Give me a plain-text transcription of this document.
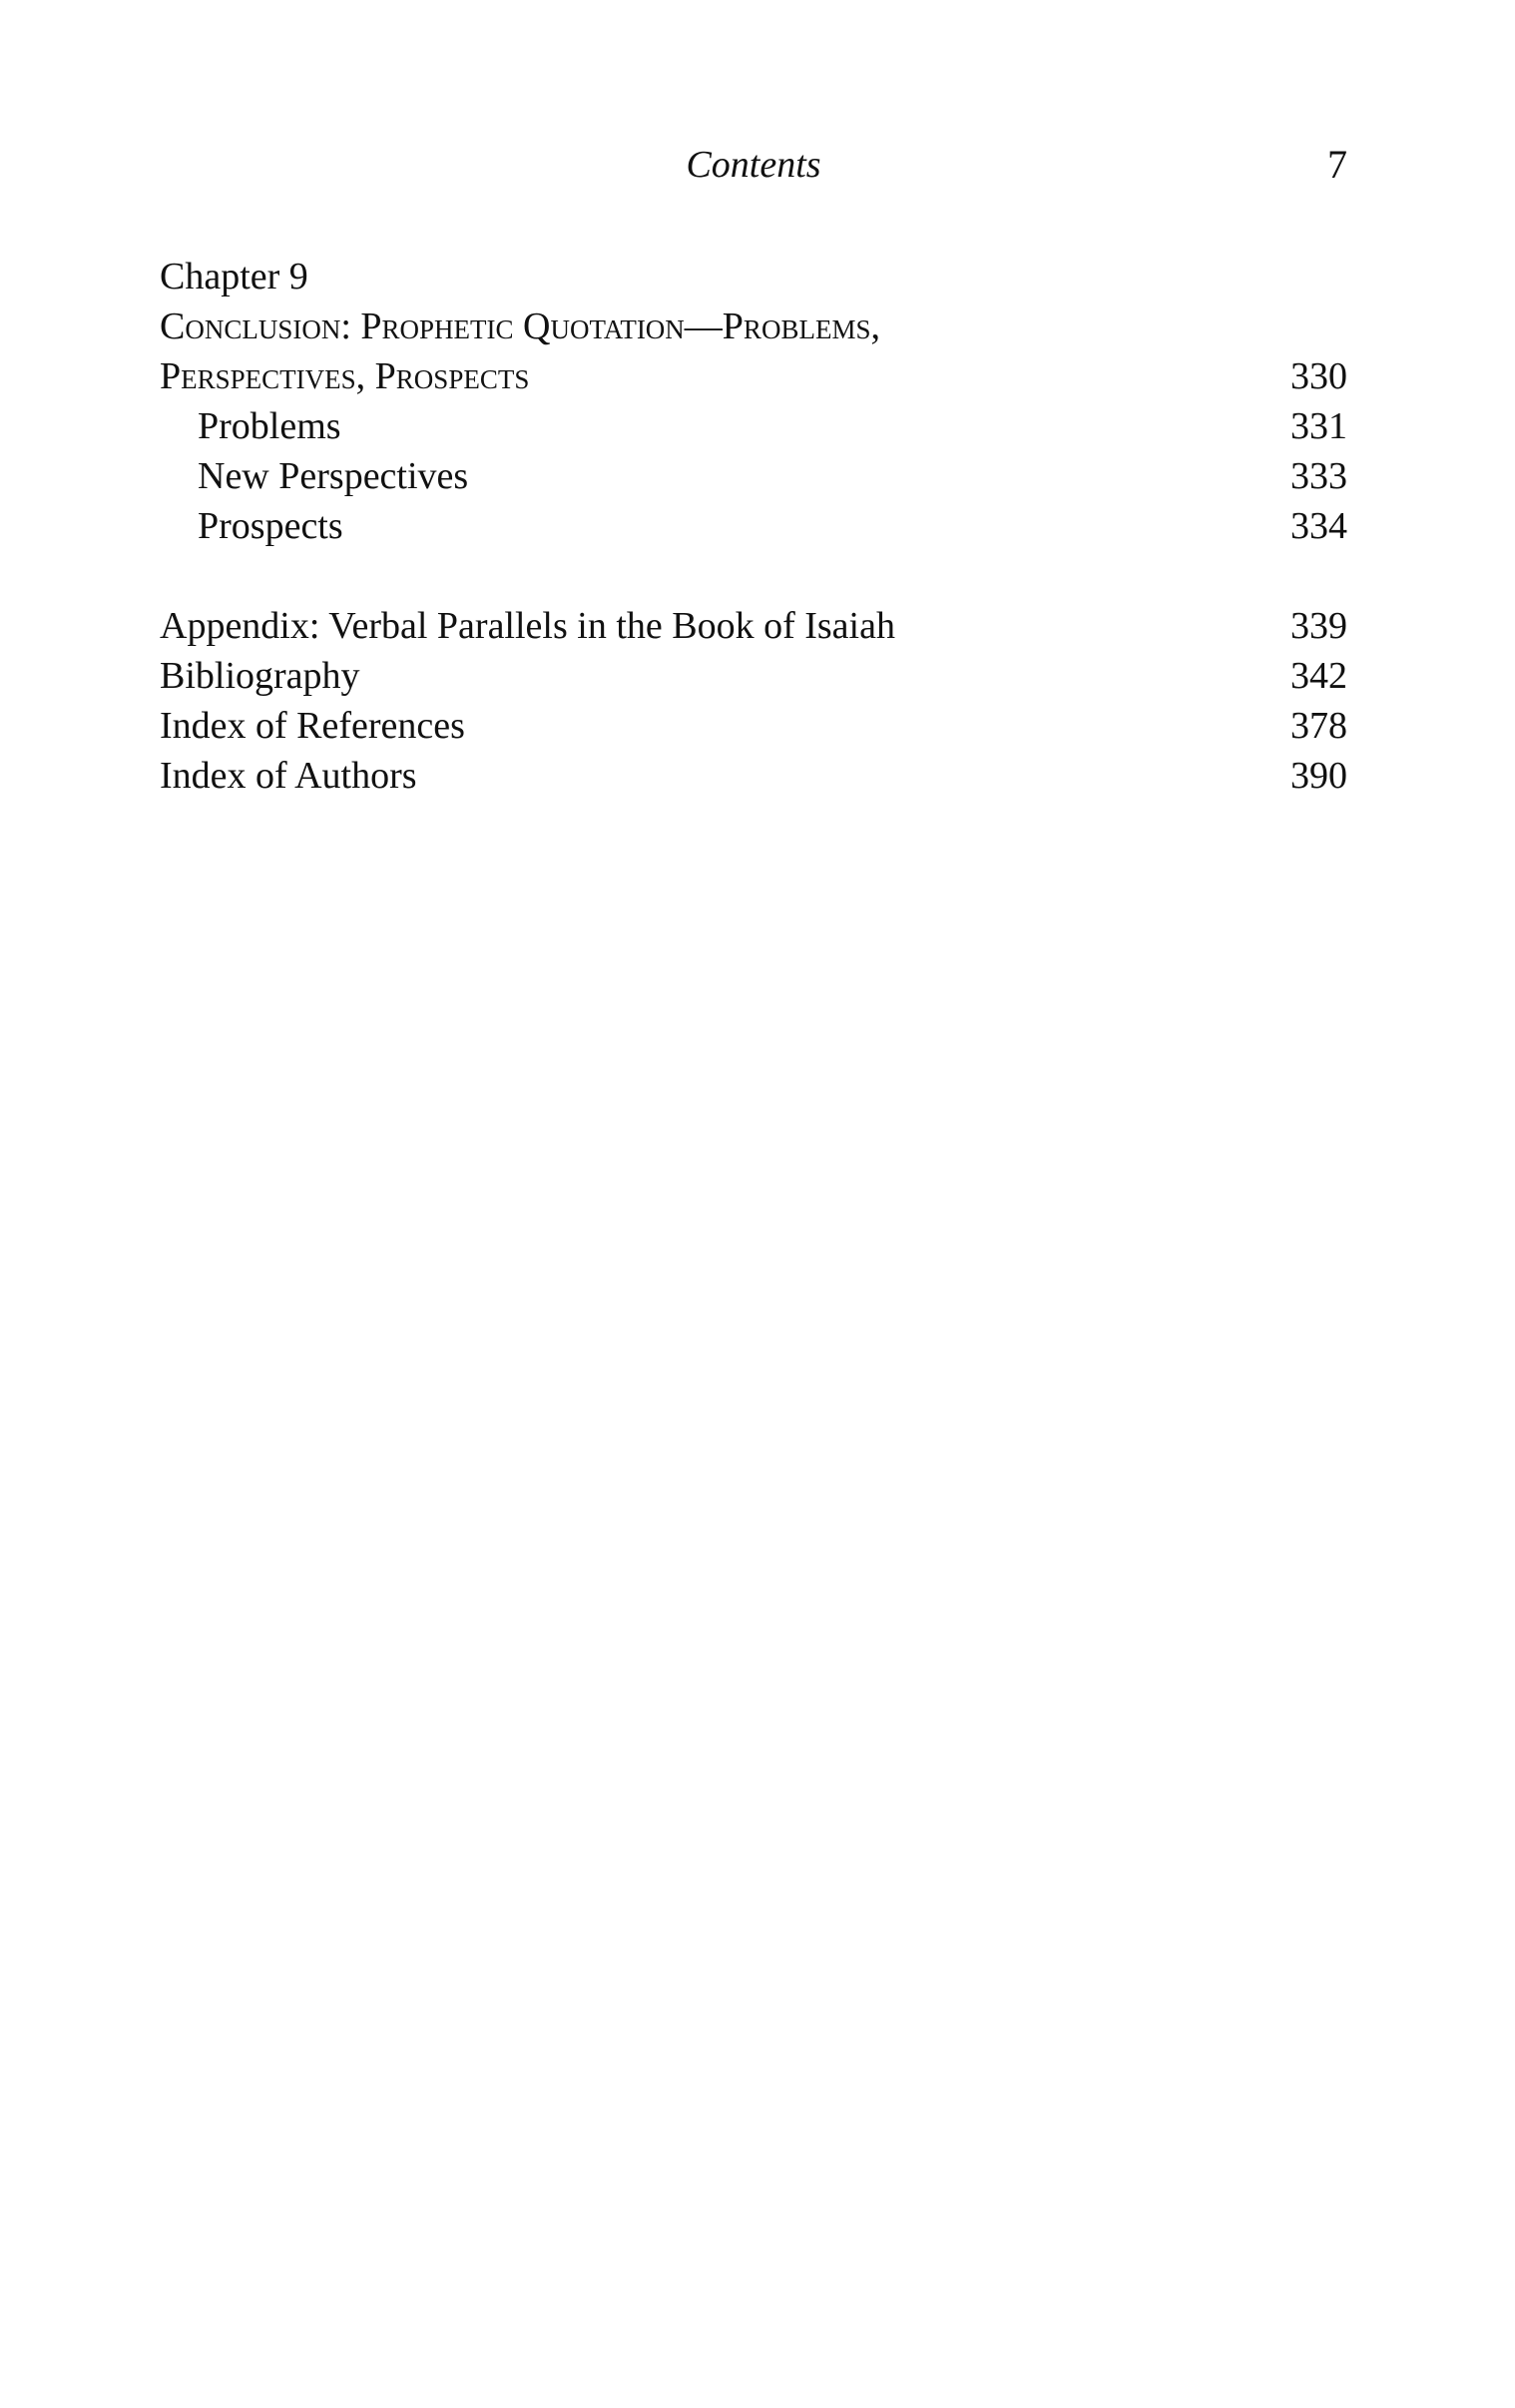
Contents	7
Chapter 9
Conclusion: Prophetic Quotation—Problems,
Perspectives, Prospects	330
Problems	331
New Perspectives	333
Prospects	334
Appendix: Verbal Parallels in the Book of Isaiah	339
Bibliography	342
Index of References	378
Index of Authors	390
